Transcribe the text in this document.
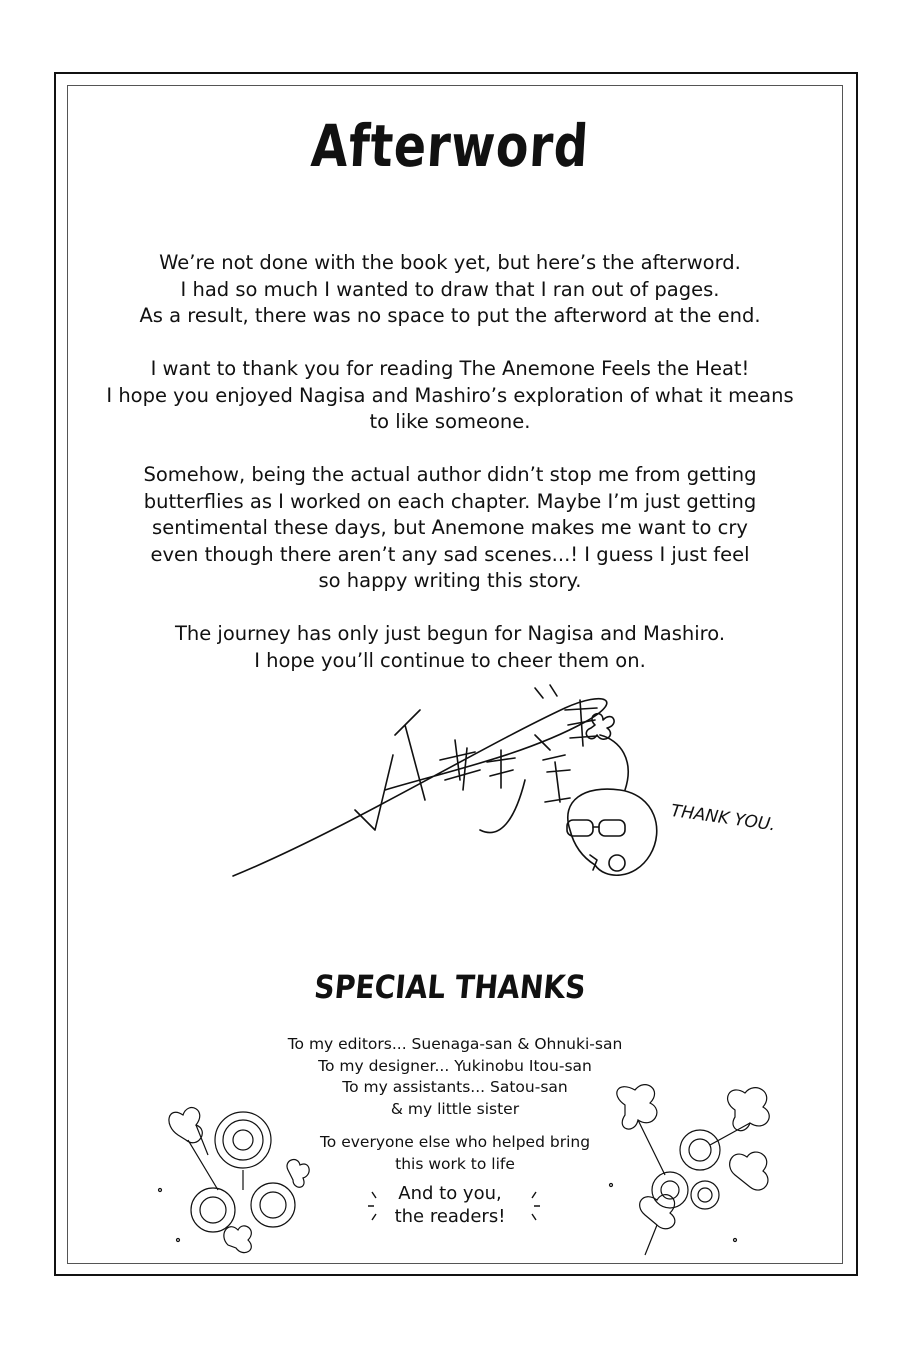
Afterword

We’re not done with the book yet, but here’s the afterword.
I had so much I wanted to draw that I ran out of pages.
As a result, there was no space to put the afterword at the end.

I want to thank you for reading The Anemone Feels the Heat!
I hope you enjoyed Nagisa and Mashiro’s exploration of what it means
to like someone.

Somehow, being the actual author didn’t stop me from getting
butterflies as I worked on each chapter. Maybe I’m just getting
sentimental these days, but Anemone makes me want to cry
even though there aren’t any sad scenes...! I guess I just feel
so happy writing this story.

The journey has only just begun for Nagisa and Mashiro.
I hope you’ll continue to cheer them on.

THANK YOU.
SPECIAL THANKS
To my editors... Suenaga-san & Ohnuki-san
To my designer... Yukinobu Itou-san
To my assistants... Satou-san
& my little sister
To everyone else who helped bring
this work to life
And to you,
the readers!
